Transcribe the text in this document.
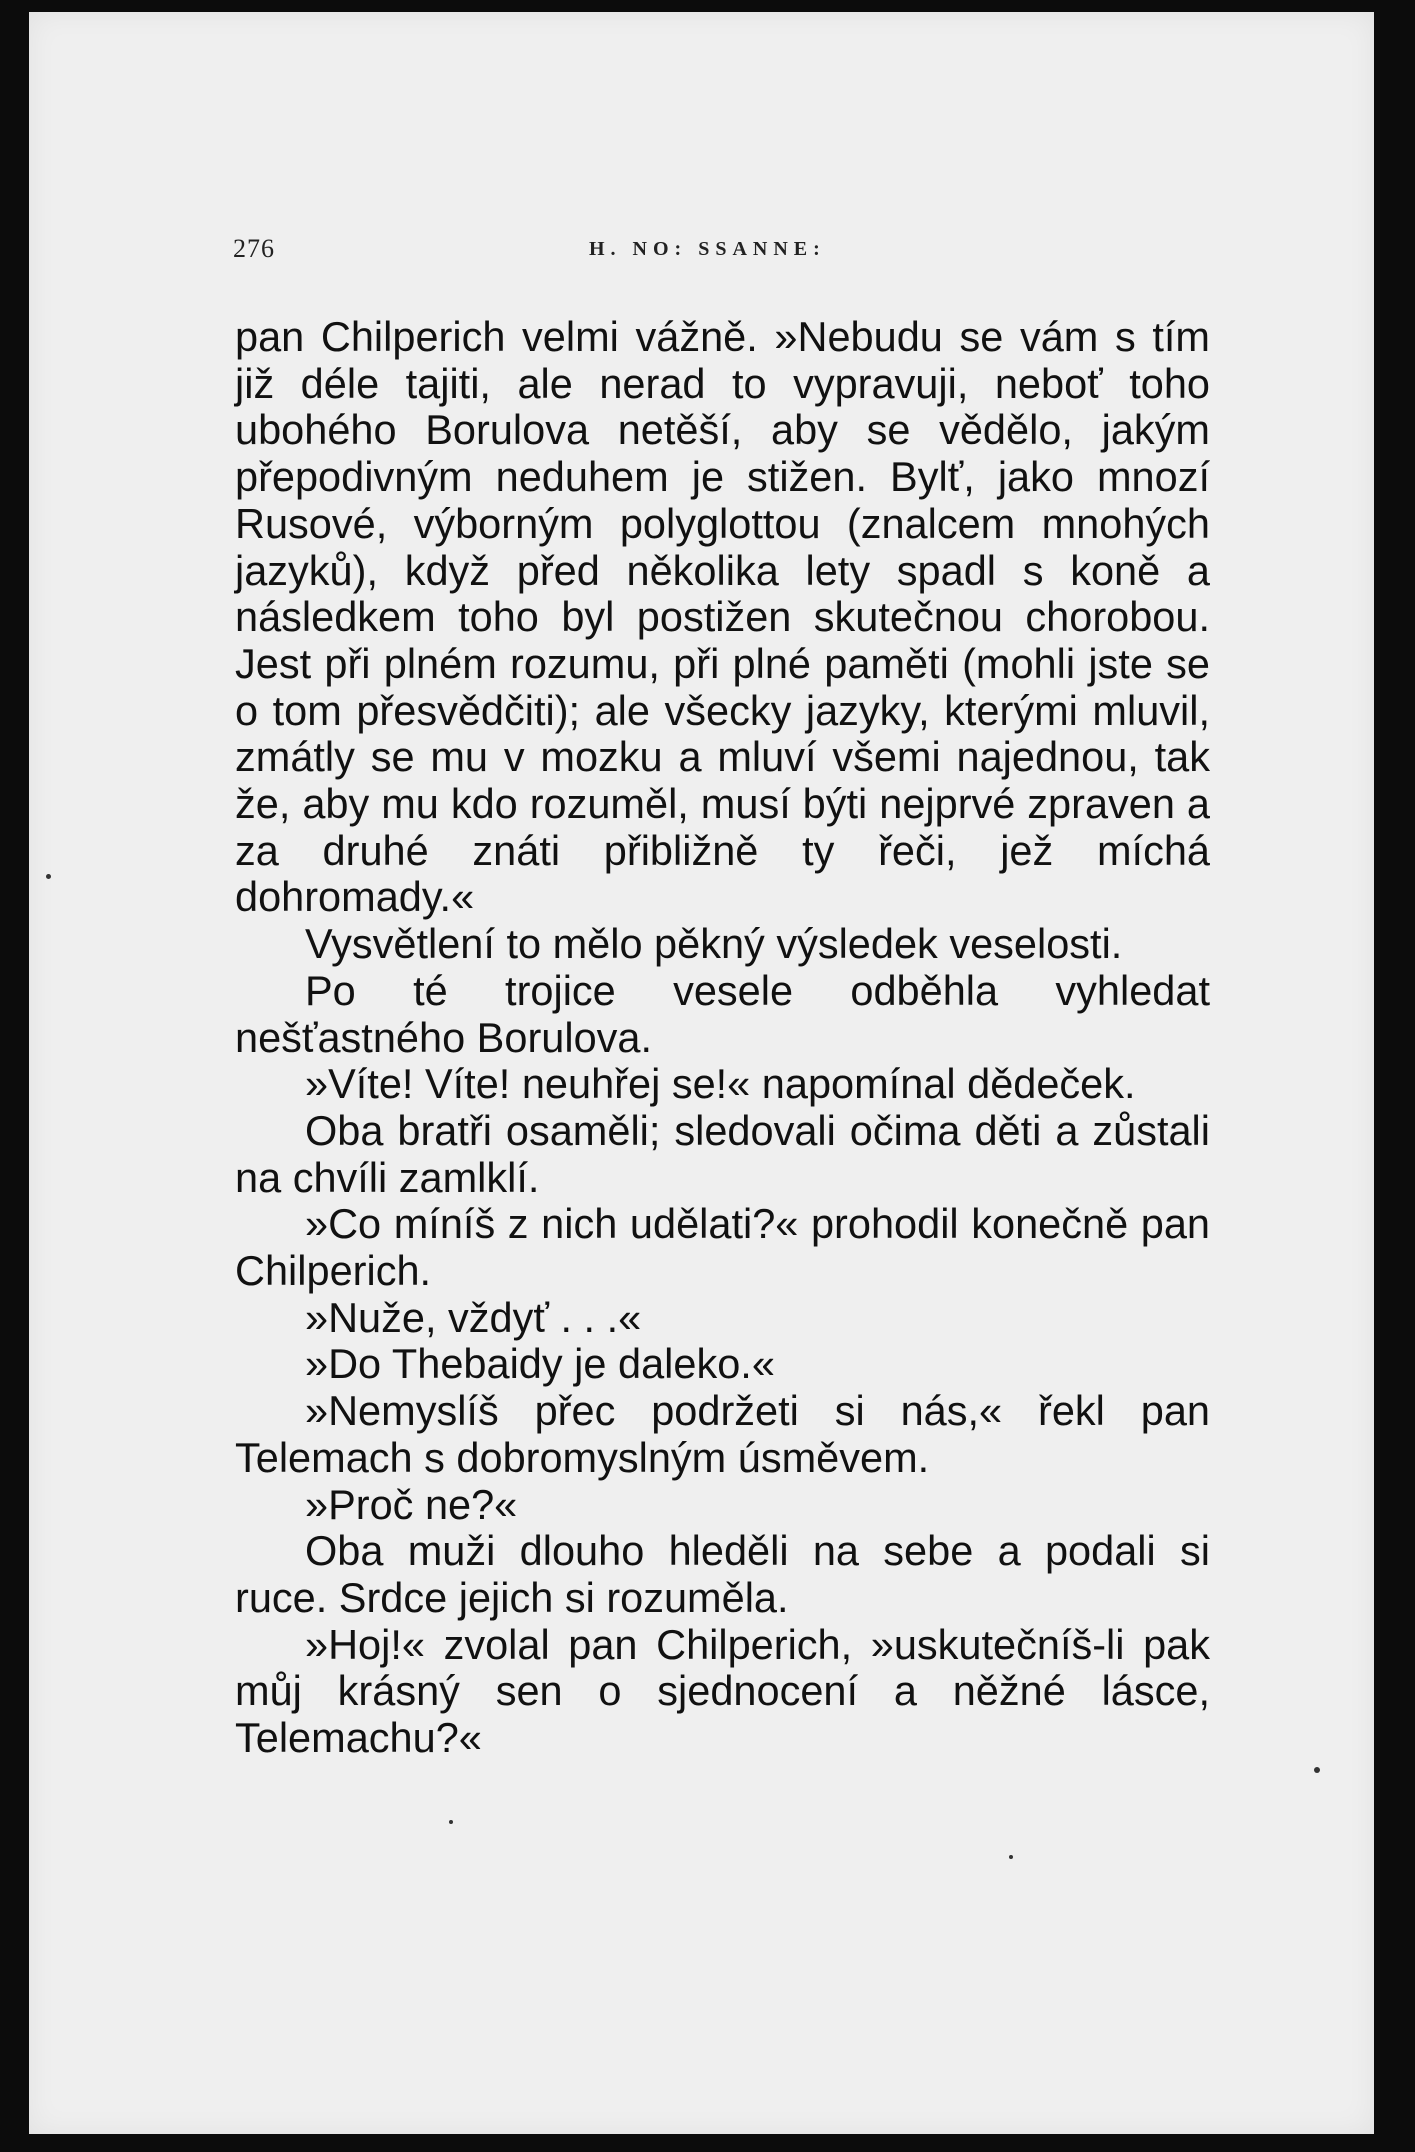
276	H. NO: SSANNE:

pan Chilperich velmi vážně. »Nebudu se vám s tím již déle tajiti, ale nerad to vypravuji, neboť toho ubohého Borulova netěší, aby se vědělo, jakým přepodivným neduhem je stižen. Bylť, jako mnozí Rusové, výborným polyglottou (znalcem mnohých jazyků), když před několika lety spadl s koně a následkem toho byl postižen skutečnou chorobou. Jest při plném rozumu, při plné paměti (mohli jste se o tom přesvědčiti); ale všecky jazyky, kterými mluvil, zmátly se mu v mozku a mluví všemi najednou, tak že, aby mu kdo rozuměl, musí býti nejprvé zpraven a za druhé znáti přibližně ty řeči, jež míchá dohromady.«

Vysvětlení to mělo pěkný výsledek veselosti.

Po té trojice vesele odběhla vyhledat nešťastného Borulova.

»Víte! Víte! neuhřej se!« napomínal dědeček.

Oba bratři osaměli; sledovali očima děti a zůstali na chvíli zamlklí.

»Co míníš z nich udělati?« prohodil konečně pan Chilperich.

»Nuže, vždyť . . .«

»Do Thebaidy je daleko.«

»Nemyslíš přec podržeti si nás,« řekl pan Telemach s dobromyslným úsměvem.

»Proč ne?«

Oba muži dlouho hleděli na sebe a podali si ruce. Srdce jejich si rozuměla.

»Hoj!« zvolal pan Chilperich, »uskutečníš-li pak můj krásný sen o sjednocení a něžné lásce, Telemachu?«
